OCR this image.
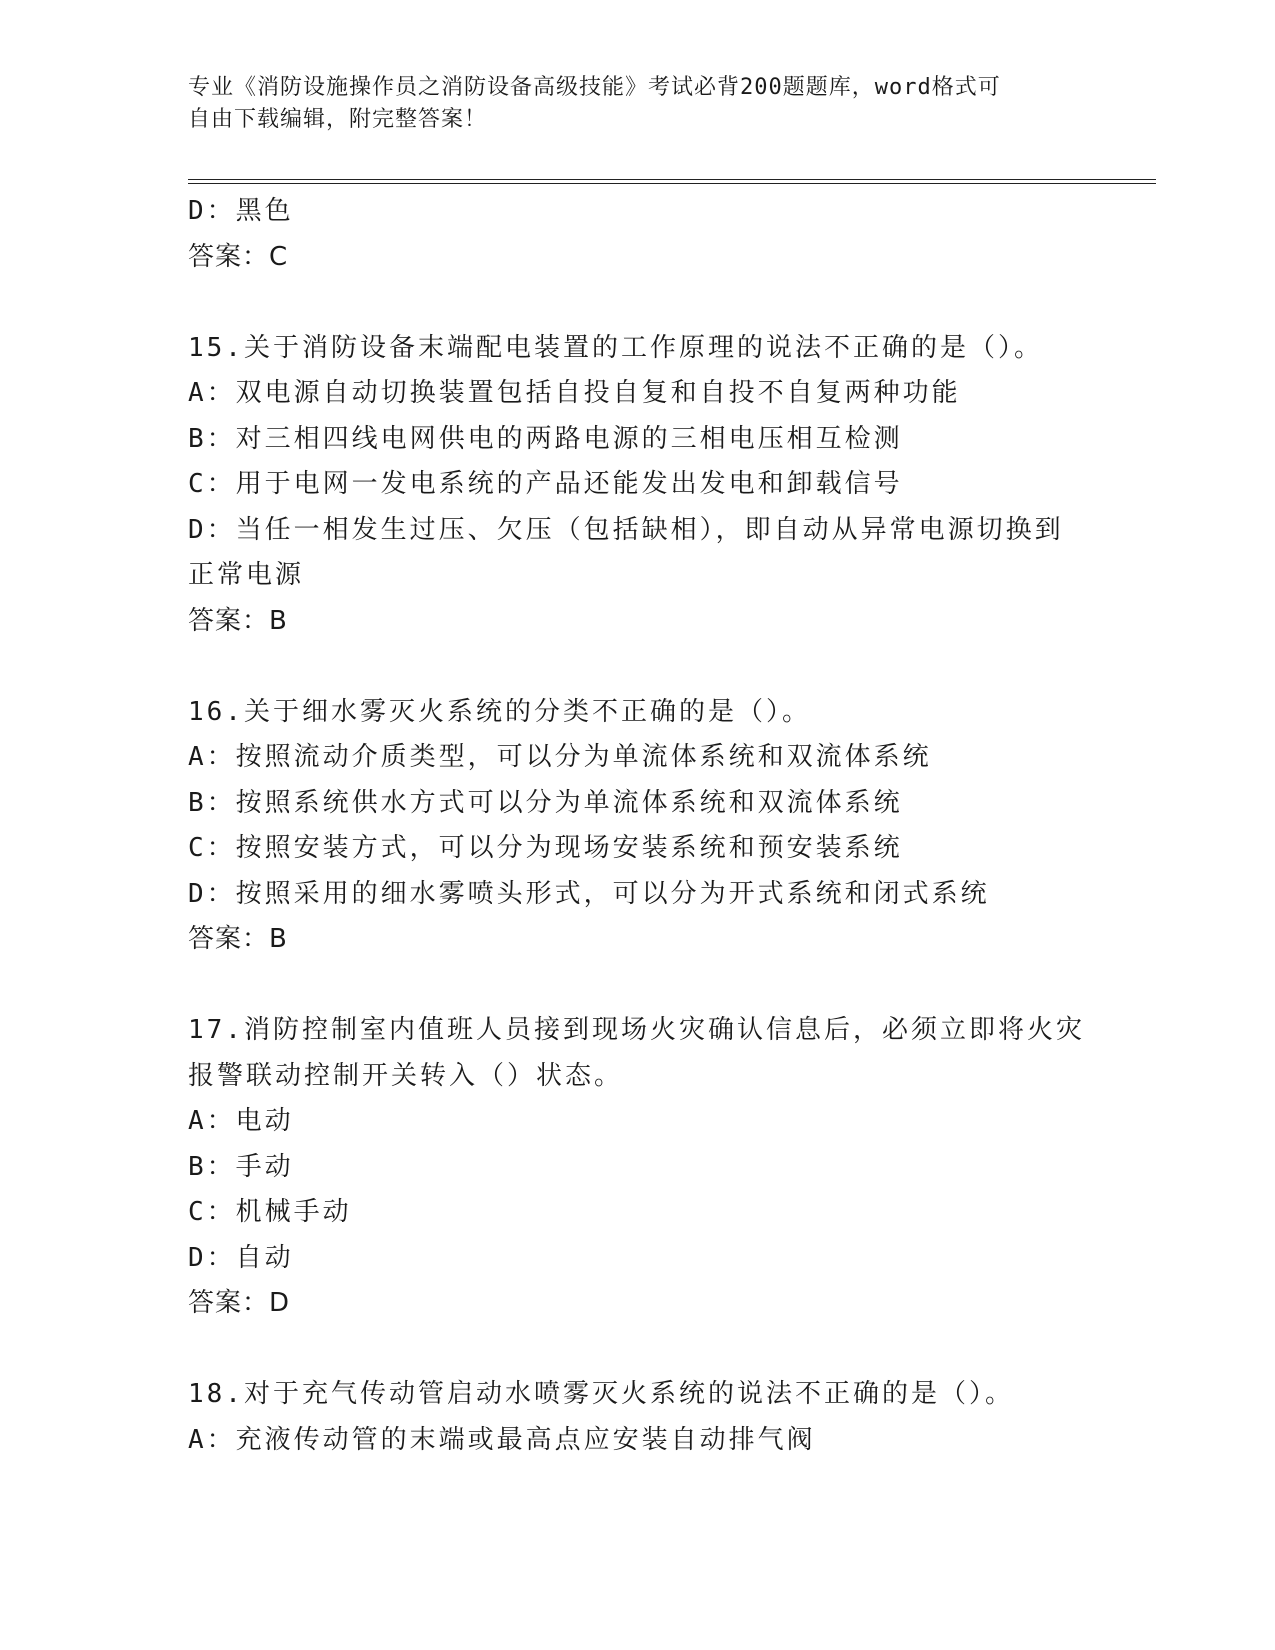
专业《消防设施操作员之消防设备高级技能》考试必背200题题库，word格式可
自由下载编辑，附完整答案！
D：黑色
答案：C
15.关于消防设备末端配电装置的工作原理的说法不正确的是（）。
A：双电源自动切换装置包括自投自复和自投不自复两种功能
B：对三相四线电网供电的两路电源的三相电压相互检测
C：用于电网一发电系统的产品还能发出发电和卸载信号
D：当任一相发生过压、欠压（包括缺相），即自动从异常电源切换到
正常电源
答案：B
16.关于细水雾灭火系统的分类不正确的是（）。
A：按照流动介质类型，可以分为单流体系统和双流体系统
B：按照系统供水方式可以分为单流体系统和双流体系统
C：按照安装方式，可以分为现场安装系统和预安装系统
D：按照采用的细水雾喷头形式，可以分为开式系统和闭式系统
答案：B
17.消防控制室内值班人员接到现场火灾确认信息后，必须立即将火灾
报警联动控制开关转入（）状态。
A：电动
B：手动
C：机械手动
D：自动
答案：D
18.对于充气传动管启动水喷雾灭火系统的说法不正确的是（）。
A：充液传动管的末端或最高点应安装自动排气阀
